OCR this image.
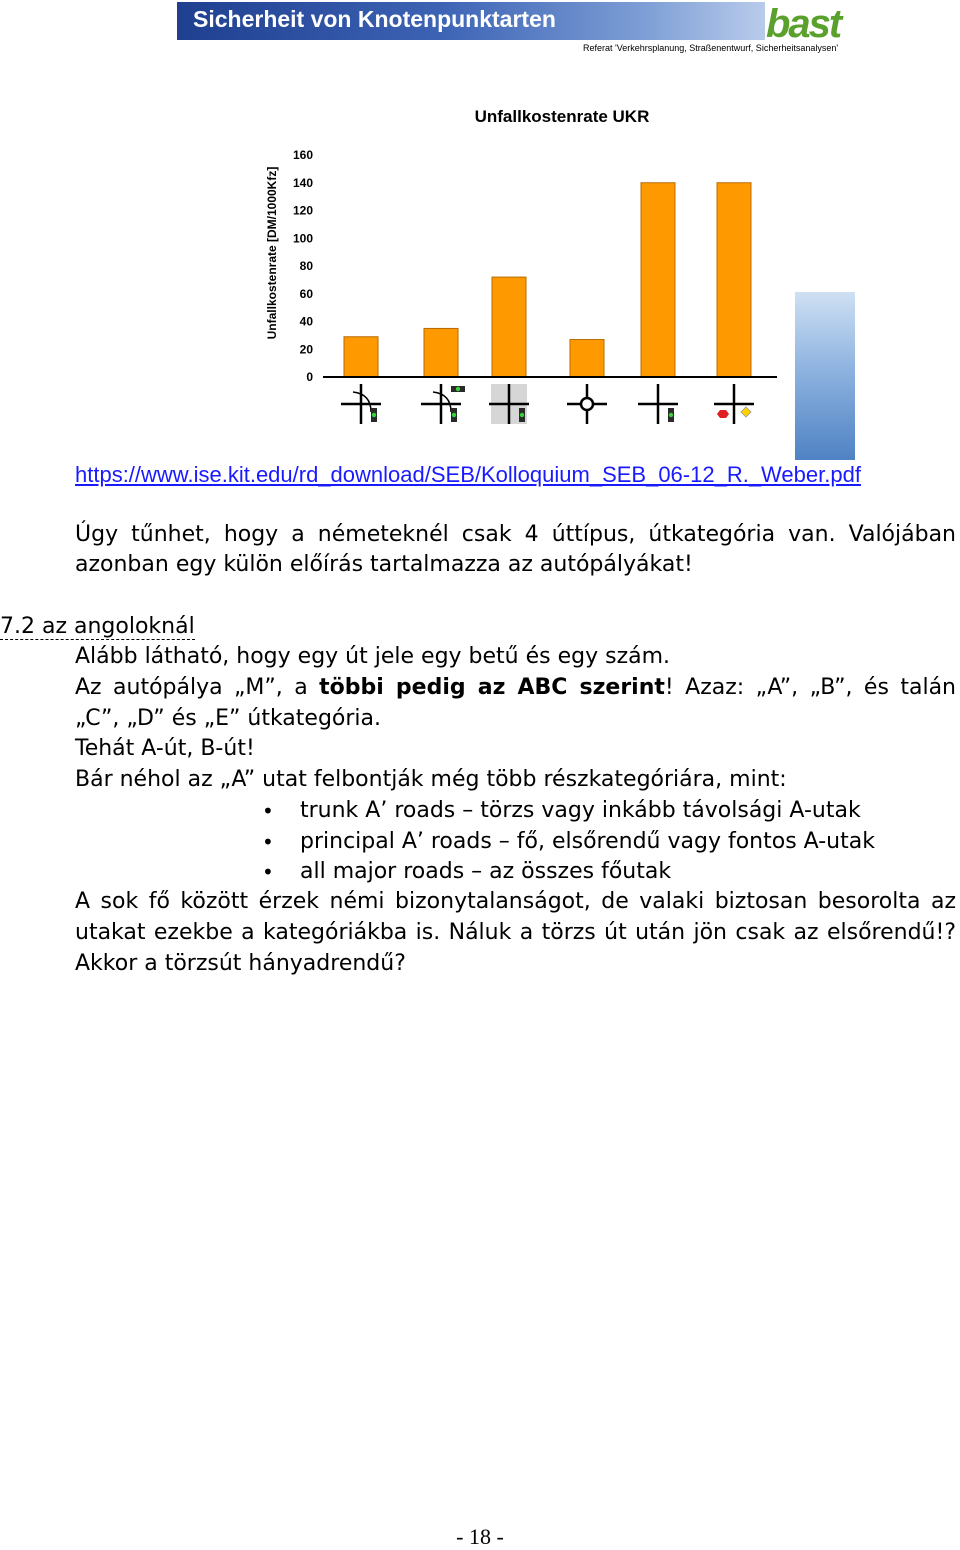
Sicherheit von Knotenpunktarten	bast
Referat 'Verkehrsplanung, Straßenentwurf, Sicherheitsanalysen'
Unfallkostenrate UKR
Unfallkostenrate [DM/1000Kfz]
0
20
40
60
80
100
120
140
160
Quelle: Eckstein, Meewes
https://www.ise.kit.edu/rd_download/SEB/Kolloquium_SEB_06-12_R._Weber.pdf
Úgy tűnhet, hogy a németeknél csak 4 úttípus, útkategória van. Valójában
azonban egy külön előírás tartalmazza az autópályákat!
7.2 az angoloknál
Alább látható, hogy egy út jele egy betű és egy szám.
Az autópálya „M”, a többi pedig az ABC szerint! Azaz: „A”, „B”, és talán
„C”, „D” és „E” útkategória.
Tehát A-út, B-út!
Bár néhol az „A” utat felbontják még több részkategóriára, mint:
• trunk A’ roads – törzs vagy inkább távolsági A-utak
• principal A’ roads – fő, elsőrendű vagy fontos A-utak
• all major roads – az összes főutak
A sok fő között érzek némi bizonytalanságot, de valaki biztosan besorolta az
utakat ezekbe a kategóriákba is. Náluk a törzs út után jön csak az elsőrendű!?
Akkor a törzsút hányadrendű?
- 18 -
